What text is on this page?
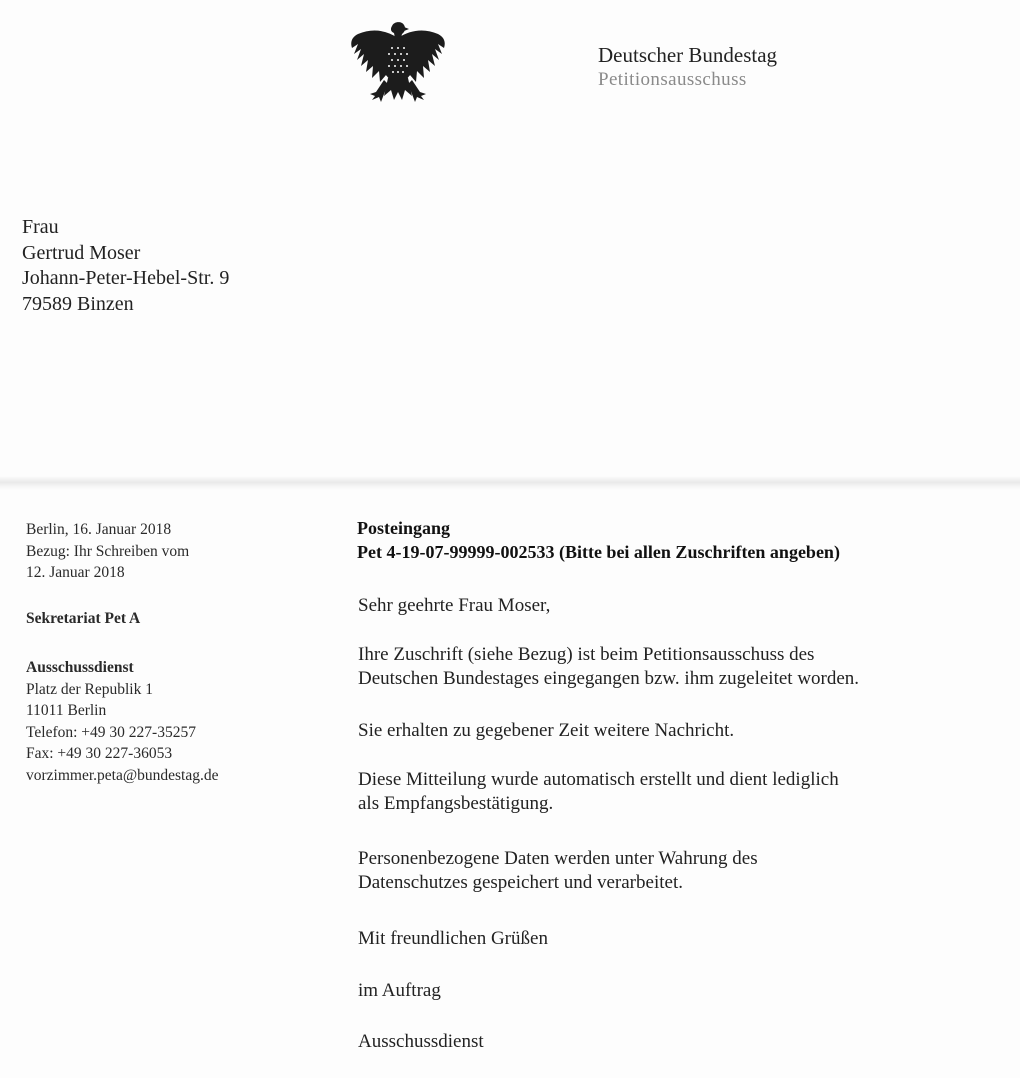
Deutscher Bundestag
Petitionsausschuss
Frau
Gertrud Moser
Johann-Peter-Hebel-Str. 9
79589 Binzen
Berlin, 16. Januar 2018
Bezug: Ihr Schreiben vom
12. Januar 2018
Sekretariat Pet A
Ausschussdienst
Platz der Republik 1
11011 Berlin
Telefon: +49 30 227-35257
Fax: +49 30 227-36053
vorzimmer.peta@bundestag.de
Posteingang
Pet 4-19-07-99999-002533 (Bitte bei allen Zuschriften angeben)
Sehr geehrte Frau Moser,
Ihre Zuschrift (siehe Bezug) ist beim Petitionsausschuss des
Deutschen Bundestages eingegangen bzw. ihm zugeleitet worden.
Sie erhalten zu gegebener Zeit weitere Nachricht.
Diese Mitteilung wurde automatisch erstellt und dient lediglich
als Empfangsbestätigung.
Personenbezogene Daten werden unter Wahrung des
Datenschutzes gespeichert und verarbeitet.
Mit freundlichen Grüßen
im Auftrag
Ausschussdienst
